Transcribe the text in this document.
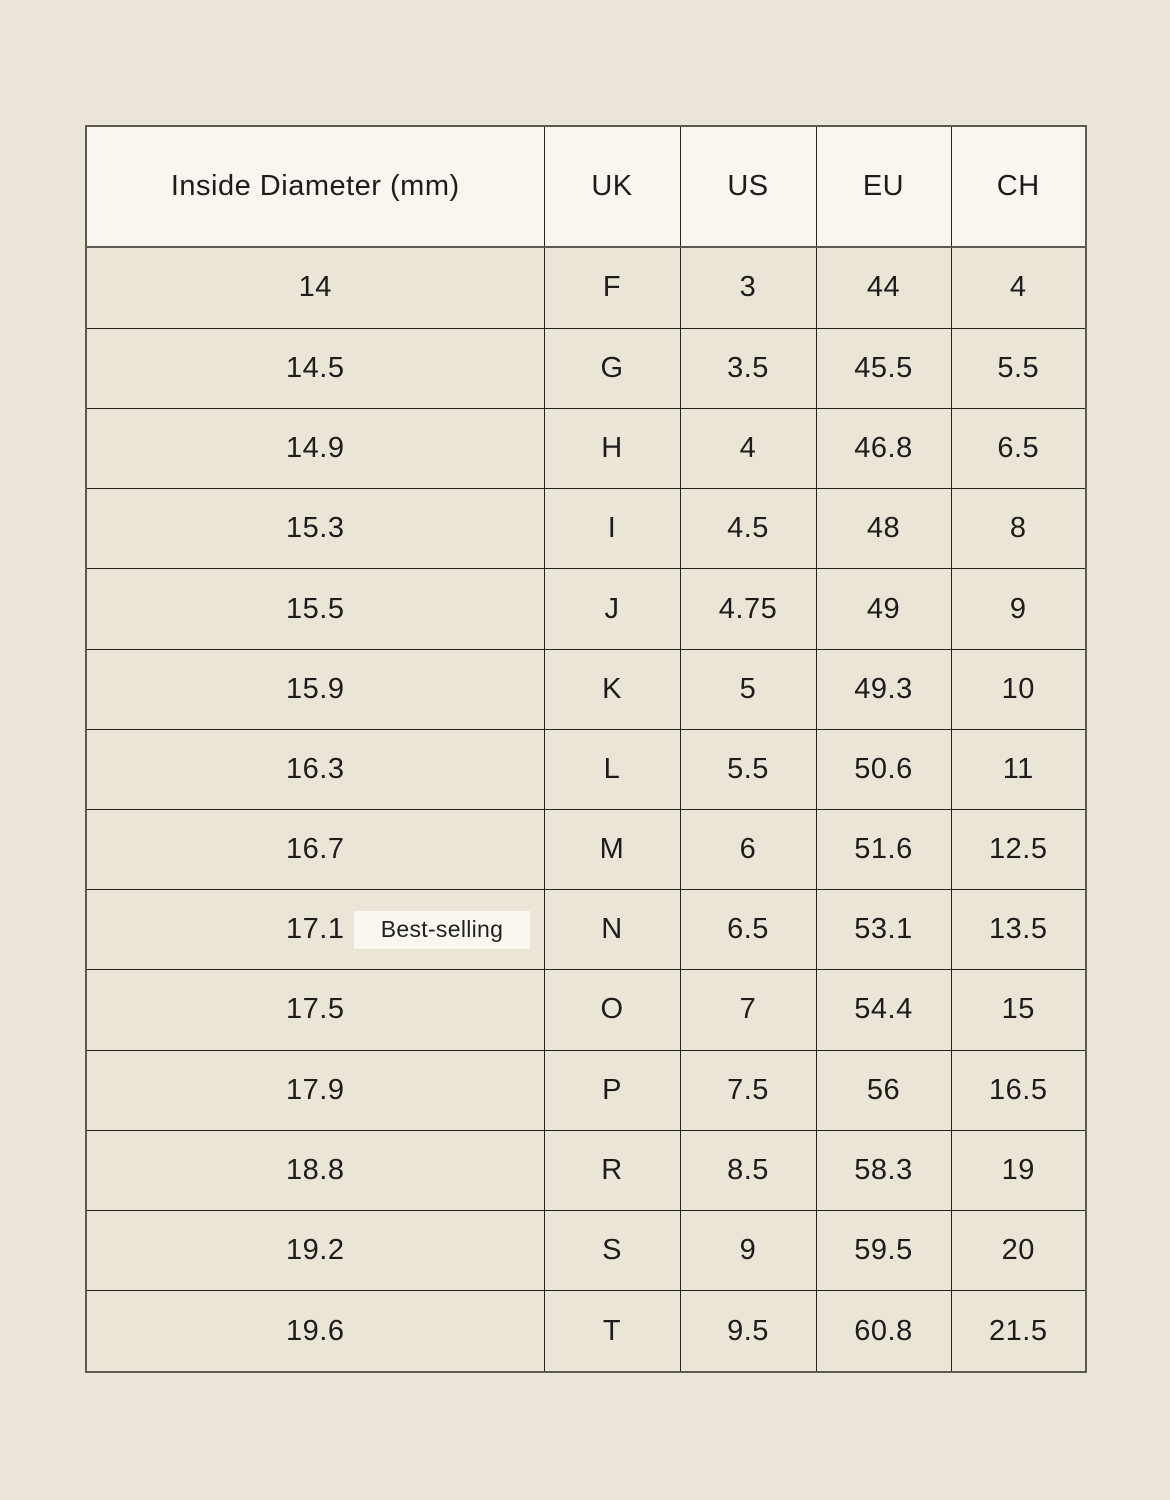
Inside Diameter (mm)	UK	US	EU	CH
14	F	3	44	4
14.5	G	3.5	45.5	5.5
14.9	H	4	46.8	6.5
15.3	I	4.5	48	8
15.5	J	4.75	49	9
15.9	K	5	49.3	10
16.3	L	5.5	50.6	11
16.7	M	6	51.6	12.5
17.1 Best-selling	N	6.5	53.1	13.5
17.5	O	7	54.4	15
17.9	P	7.5	56	16.5
18.8	R	8.5	58.3	19
19.2	S	9	59.5	20
19.6	T	9.5	60.8	21.5
